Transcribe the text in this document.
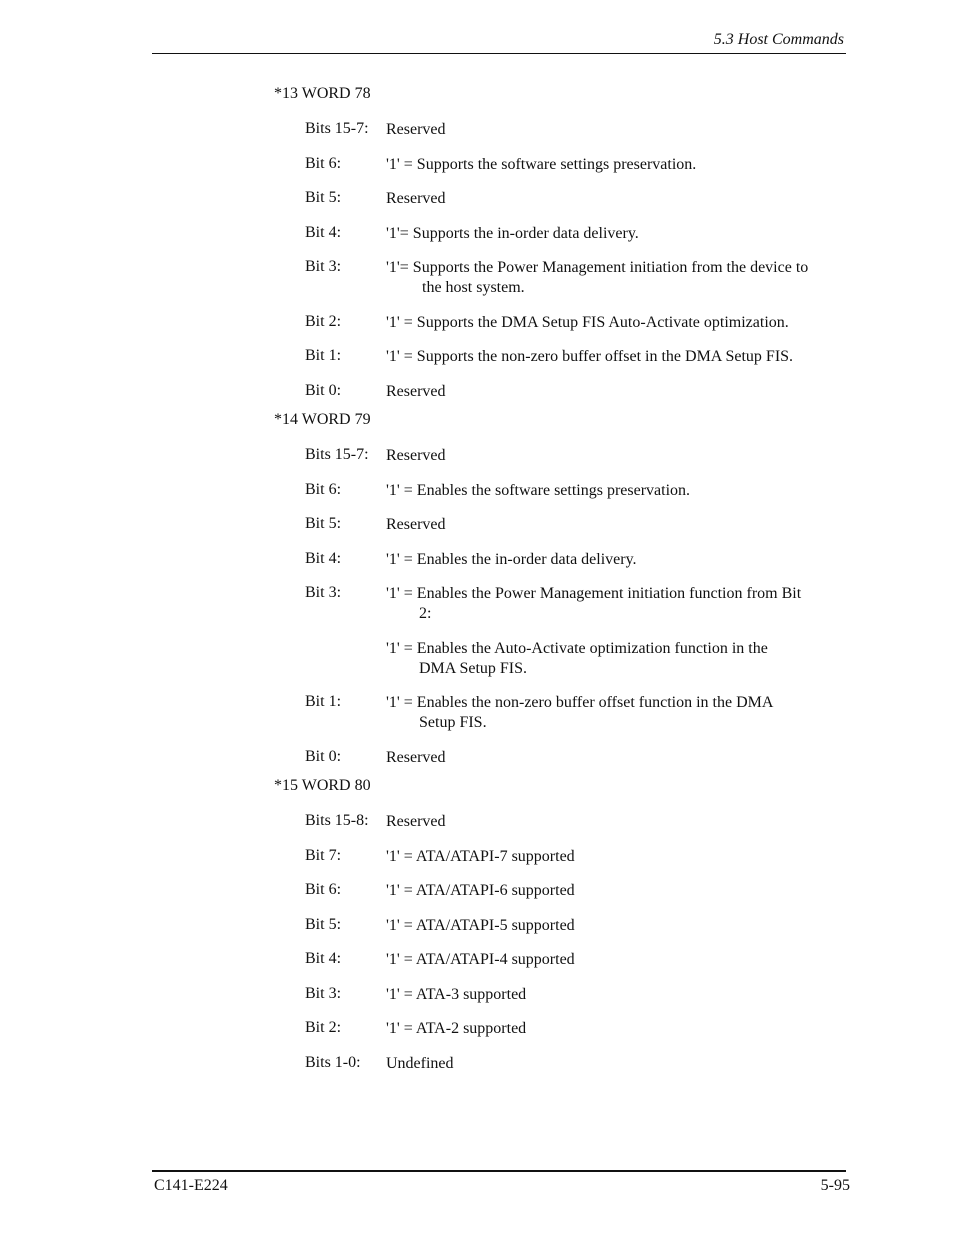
5.3 Host Commands
*13 WORD 78
Bits 15-7: Reserved
Bit 6:	'1' = Supports the software settings preservation.
Bit 5:	Reserved
Bit 4:	'1'= Supports the in-order data delivery.
Bit 3:	'1'= Supports the Power Management initiation from the device to
the host system.
Bit 2:	'1' = Supports the DMA Setup FIS Auto-Activate optimization.
Bit 1:	'1' = Supports the non-zero buffer offset in the DMA Setup FIS.
Bit 0:	Reserved
*14 WORD 79
Bits 15-7: Reserved
Bit 6:	'1' = Enables the software settings preservation.
Bit 5:	Reserved
Bit 4:	'1' = Enables the in-order data delivery.
Bit 3:	'1' = Enables the Power Management initiation function from Bit
2:
'1' = Enables the Auto-Activate optimization function in the
DMA Setup FIS.
Bit 1:	'1' = Enables the non-zero buffer offset function in the DMA
Setup FIS.
Bit 0:	Reserved
*15 WORD 80
Bits 15-8: Reserved
Bit 7:	'1' = ATA/ATAPI-7 supported
Bit 6:	'1' = ATA/ATAPI-6 supported
Bit 5:	'1' = ATA/ATAPI-5 supported
Bit 4:	'1' = ATA/ATAPI-4 supported
Bit 3:	'1' = ATA-3 supported
Bit 2:	'1' = ATA-2 supported
Bits 1-0: Undefined
C141-E224	5-95
